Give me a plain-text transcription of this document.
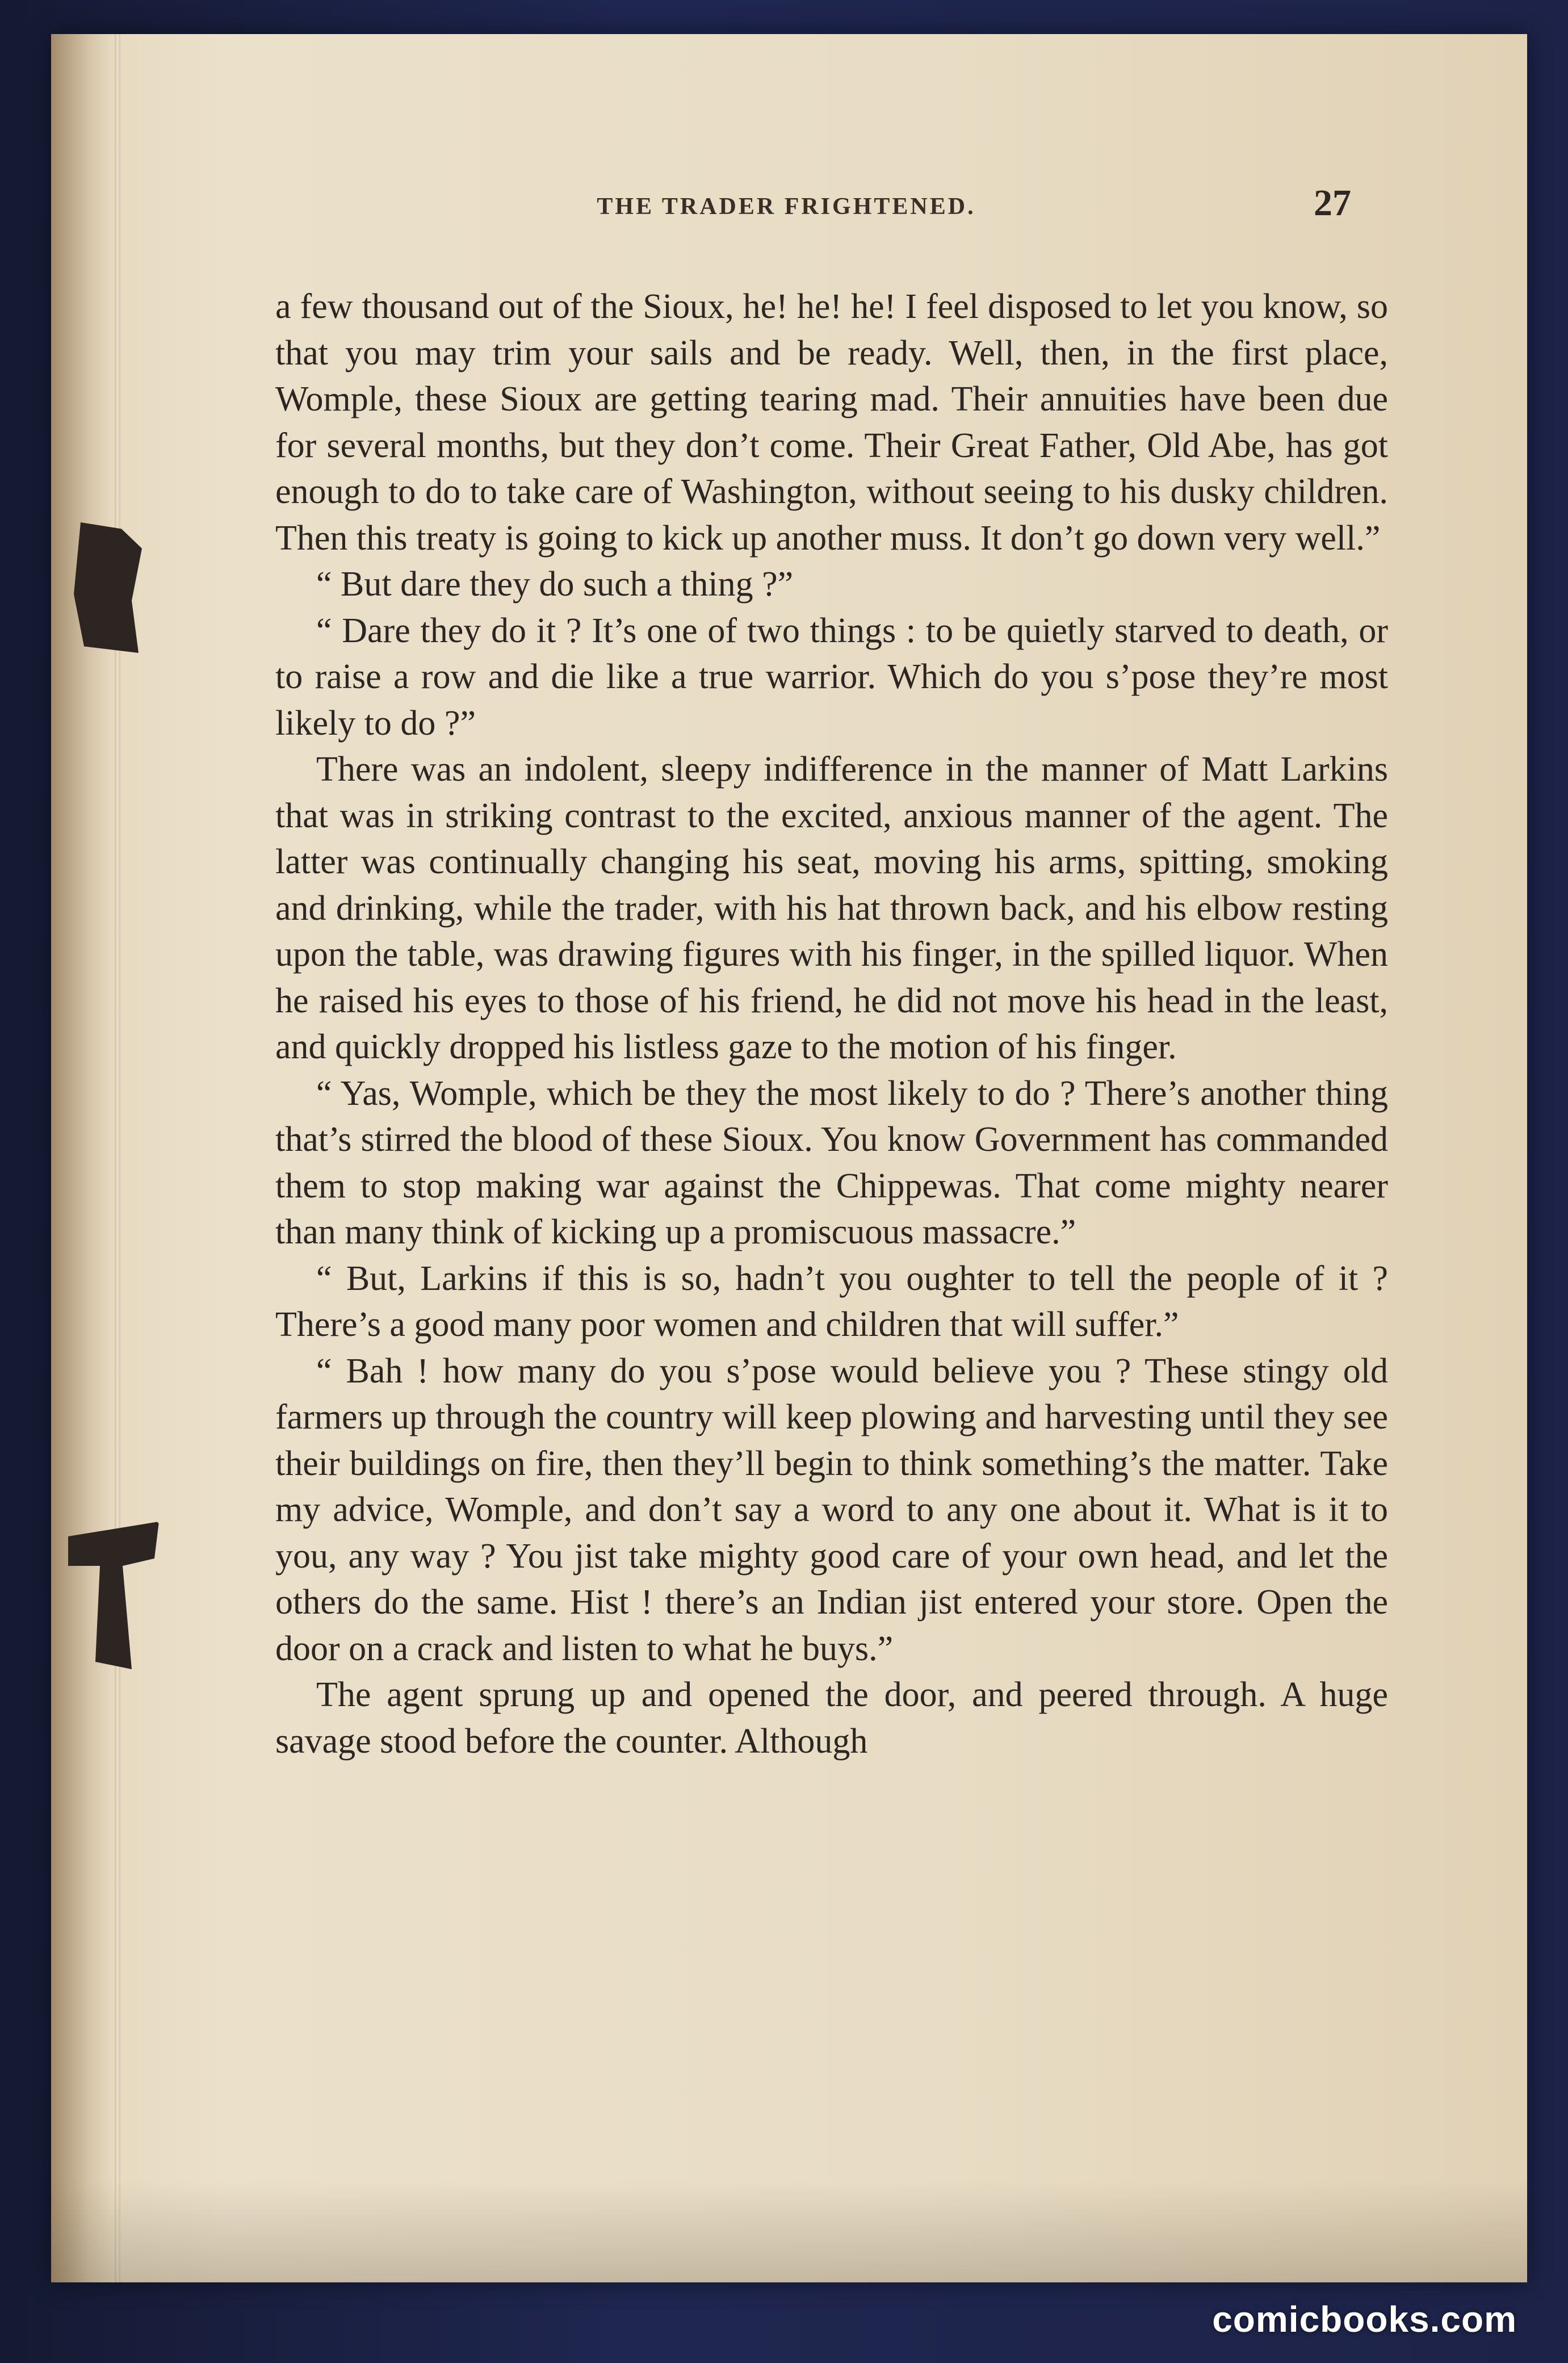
THE TRADER FRIGHTENED.	27

a few thousand out of the Sioux, he! he! he! I feel disposed to let you know, so that you may trim your sails and be ready. Well, then, in the first place, Womple, these Sioux are getting tearing mad. Their annuities have been due for several months, but they don’t come. Their Great Father, Old Abe, has got enough to do to take care of Washington, without seeing to his dusky children. Then this treaty is going to kick up another muss. It don’t go down very well.”

“ But dare they do such a thing ?”

“ Dare they do it ? It’s one of two things : to be quietly starved to death, or to raise a row and die like a true warrior. Which do you s’pose they’re most likely to do ?”

There was an indolent, sleepy indifference in the manner of Matt Larkins that was in striking contrast to the excited, anxious manner of the agent. The latter was continually changing his seat, moving his arms, spitting, smoking and drinking, while the trader, with his hat thrown back, and his elbow resting upon the table, was drawing figures with his finger, in the spilled liquor. When he raised his eyes to those of his friend, he did not move his head in the least, and quickly dropped his listless gaze to the motion of his finger.

“ Yas, Womple, which be they the most likely to do ? There’s another thing that’s stirred the blood of these Sioux. You know Government has commanded them to stop making war against the Chippewas. That come mighty nearer than many think of kicking up a promiscuous massacre.”

“ But, Larkins if this is so, hadn’t you oughter to tell the people of it ? There’s a good many poor women and children that will suffer.”

“ Bah ! how many do you s’pose would believe you ? These stingy old farmers up through the country will keep plowing and harvesting until they see their buildings on fire, then they’ll begin to think something’s the matter. Take my advice, Womple, and don’t say a word to any one about it. What is it to you, any way ? You jist take mighty good care of your own head, and let the others do the same. Hist ! there’s an Indian jist entered your store. Open the door on a crack and listen to what he buys.”

The agent sprung up and opened the door, and peered through. A huge savage stood before the counter. Although

comicbooks.com
